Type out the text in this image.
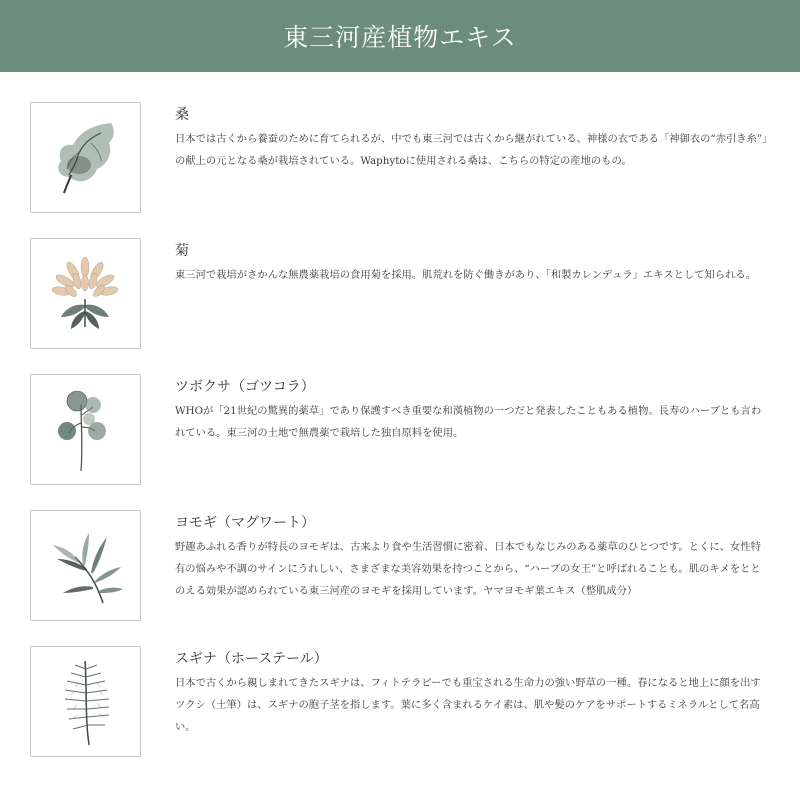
東三河産植物エキス
桑

日本では古くから養蚕のために育てられるが、中でも東三河では古くから継がれている、神様の衣である「神御衣の“赤引き糸”」の献上の元となる桑が栽培されている。Waphytoに使用される桑は、こちらの特定の産地のもの。

菊

東三河で栽培がさかんな無農薬栽培の食用菊を採用。肌荒れを防ぐ働きがあり、「和製カレンデュラ」エキスとして知られる。

ツボクサ（ゴツコラ）

WHOが「21世紀の驚異的薬草」であり保護すべき重要な和漢植物の一つだと発表したこともある植物。長寿のハーブとも言われている。東三河の土地で無農薬で栽培した独自原料を使用。

ヨモギ（マグワート）

野趣あふれる香りが特長のヨモギは、古来より食や生活習慣に密着、日本でもなじみのある薬草のひとつです。とくに、女性特有の悩みや不調のサインにうれしい、さまざまな美容効果を持つことから、“ハーブの女王”と呼ばれることも。肌のキメをととのえる効果が認められている東三河産のヨモギを採用しています。ヤマヨモギ葉エキス（整肌成分）

スギナ（ホーステール）

日本で古くから親しまれてきたスギナは、フィトテラピーでも重宝される生命力の強い野草の一種。春になると地上に顔を出すツクシ（土筆）は、スギナの胞子茎を指します。葉に多く含まれるケイ素は、肌や髪のケアをサポートするミネラルとして名高い。
